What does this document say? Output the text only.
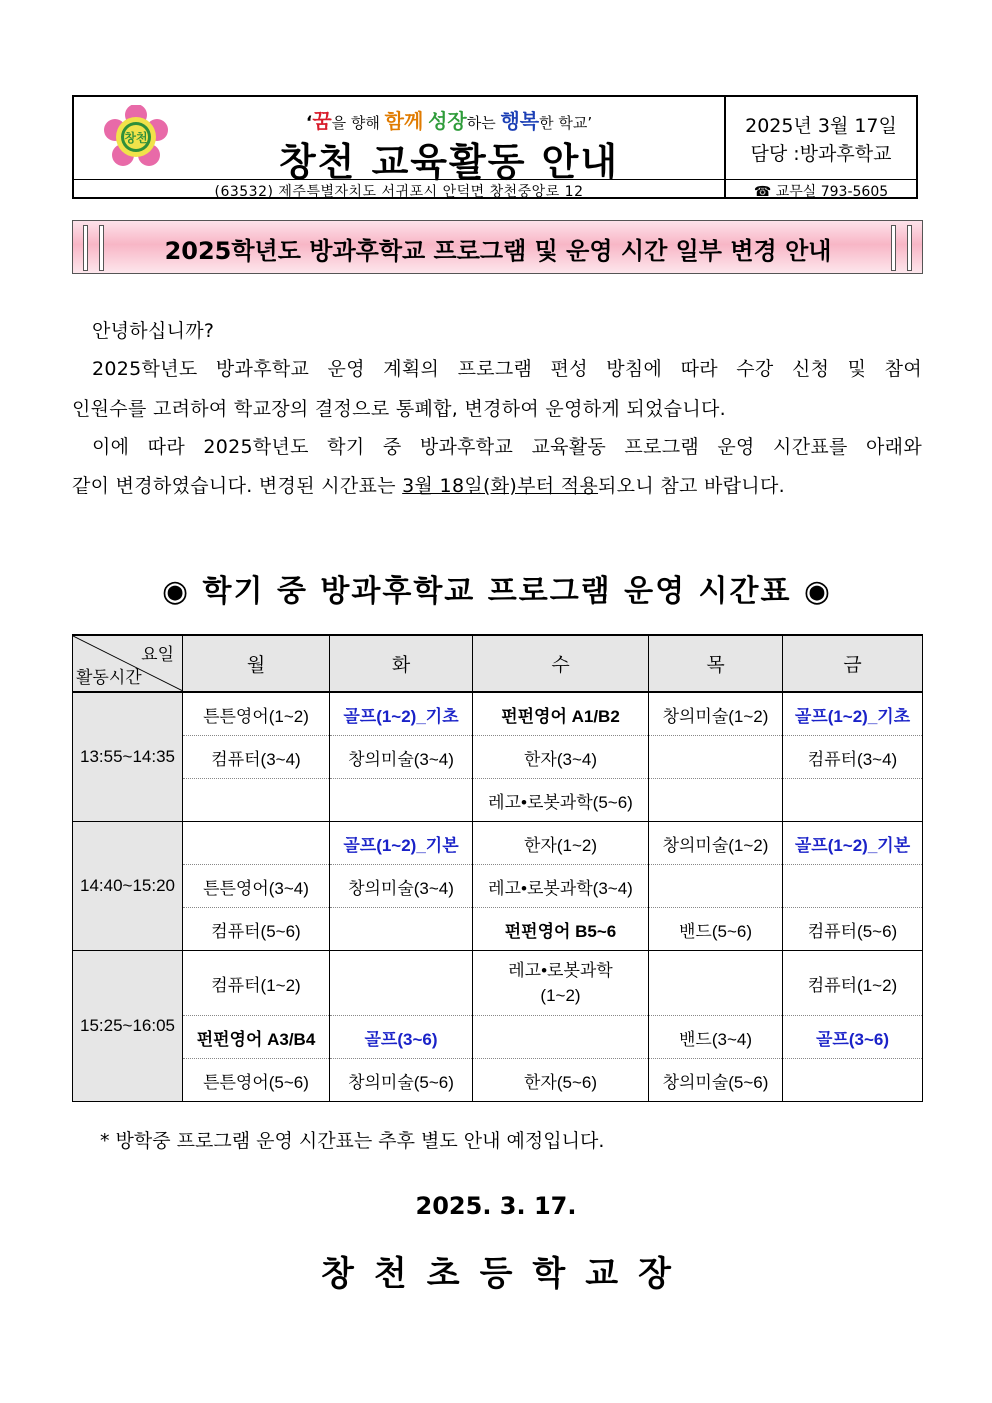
창천
‘꿈을 향해 함께 성장하는 행복한 학교’
창천 교육활동 안내
2025년 3월 17일
담당 :방과후학교
(63532) 제주특별자치도 서귀포시 안덕면 창천중앙로 12	☎ 교무실 793-5605
2025학년도 방과후학교 프로그램 및 운영 시간 일부 변경 안내
안녕하십니까?
2025학년도 방과후학교 운영 계획의 프로그램 편성 방침에 따라 수강 신청 및 참여
인원수를 고려하여 학교장의 결정으로 통폐합, 변경하여 운영하게 되었습니다.
이에 따라 2025학년도 학기 중 방과후학교 교육활동 프로그램 운영 시간표를 아래와
같이 변경하였습니다. 변경된 시간표는 3월 18일(화)부터 적용되오니 참고 바랍니다.
◉ 학기 중 방과후학교 프로그램 운영 시간표 ◉
요일
활동시간	월	화	수	목	금
13:55~14:35	튼튼영어(1~2)	골프(1~2)_기초	펀펀영어 A1/B2	창의미술(1~2)	골프(1~2)_기초
	컴퓨터(3~4)	창의미술(3~4)	한자(3~4)		컴퓨터(3~4)
			레고•로봇과학(5~6)		
14:40~15:20		골프(1~2)_기본	한자(1~2)	창의미술(1~2)	골프(1~2)_기본
	튼튼영어(3~4)	창의미술(3~4)	레고•로봇과학(3~4)		
	컴퓨터(5~6)		펀펀영어 B5~6	밴드(5~6)	컴퓨터(5~6)
15:25~16:05	컴퓨터(1~2)		레고•로봇과학
(1~2)		컴퓨터(1~2)
	펀펀영어 A3/B4	골프(3~6)		밴드(3~4)	골프(3~6)
	튼튼영어(5~6)	창의미술(5~6)	한자(5~6)	창의미술(5~6)	
* 방학중 프로그램 운영 시간표는 추후 별도 안내 예정입니다.
2025. 3. 17.
창천초등학교장
